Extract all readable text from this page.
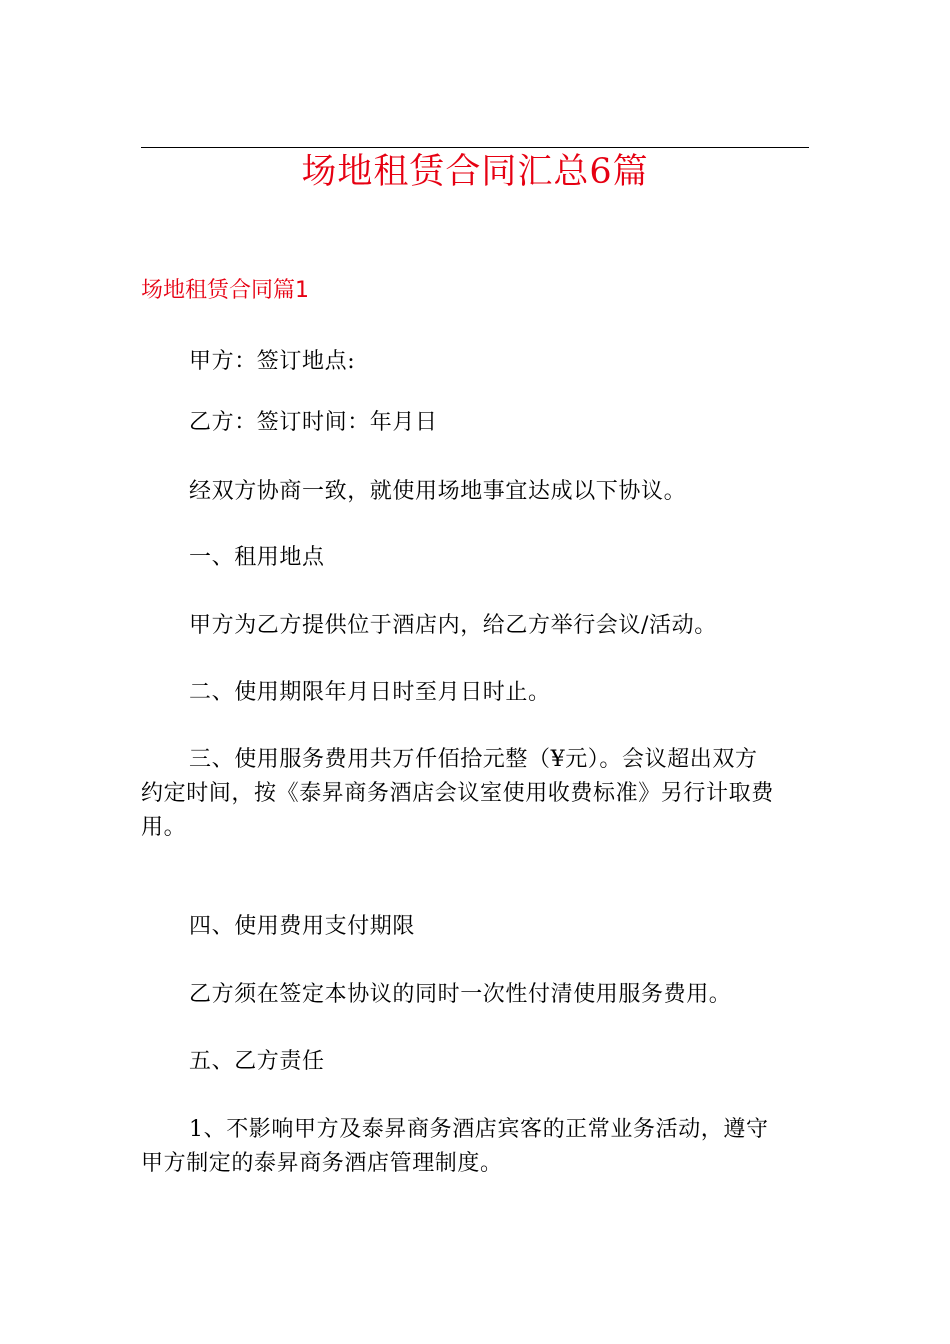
场地租赁合同汇总6篇
场地租赁合同篇1
甲方：签订地点:
乙方：签订时间：年月日
经双方协商一致，就使用场地事宜达成以下协议。
一、租用地点
甲方为乙方提供位于酒店内，给乙方举行会议/活动。
二、使用期限年月日时至月日时止。
三、使用服务费用共万仟佰拾元整（¥元）。会议超出双方
约定时间，按《泰昇商务酒店会议室使用收费标准》另行计取费
用。
四、使用费用支付期限
乙方须在签定本协议的同时一次性付清使用服务费用。
五、乙方责任
1、不影响甲方及泰昇商务酒店宾客的正常业务活动，遵守
甲方制定的泰昇商务酒店管理制度。
